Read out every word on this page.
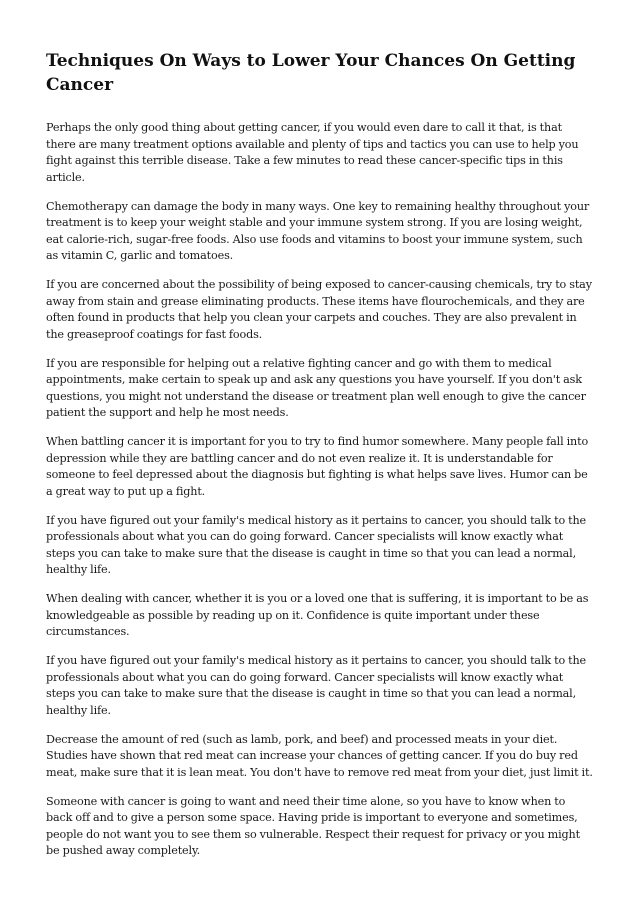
Techniques On Ways to Lower Your Chances On Getting Cancer

Perhaps the only good thing about getting cancer, if you would even dare to call it that, is that there are many treatment options available and plenty of tips and tactics you can use to help you fight against this terrible disease. Take a few minutes to read these cancer-specific tips in this article.

Chemotherapy can damage the body in many ways. One key to remaining healthy throughout your treatment is to keep your weight stable and your immune system strong. If you are losing weight, eat calorie-rich, sugar-free foods. Also use foods and vitamins to boost your immune system, such as vitamin C, garlic and tomatoes.

If you are concerned about the possibility of being exposed to cancer-causing chemicals, try to stay away from stain and grease eliminating products. These items have flourochemicals, and they are often found in products that help you clean your carpets and couches. They are also prevalent in the greaseproof coatings for fast foods.

If you are responsible for helping out a relative fighting cancer and go with them to medical appointments, make certain to speak up and ask any questions you have yourself. If you don't ask questions, you might not understand the disease or treatment plan well enough to give the cancer patient the support and help he most needs.

When battling cancer it is important for you to try to find humor somewhere. Many people fall into depression while they are battling cancer and do not even realize it. It is understandable for someone to feel depressed about the diagnosis but fighting is what helps save lives. Humor can be a great way to put up a fight.

If you have figured out your family's medical history as it pertains to cancer, you should talk to the professionals about what you can do going forward. Cancer specialists will know exactly what steps you can take to make sure that the disease is caught in time so that you can lead a normal, healthy life.

When dealing with cancer, whether it is you or a loved one that is suffering, it is important to be as knowledgeable as possible by reading up on it. Confidence is quite important under these circumstances.

If you have figured out your family's medical history as it pertains to cancer, you should talk to the professionals about what you can do going forward. Cancer specialists will know exactly what steps you can take to make sure that the disease is caught in time so that you can lead a normal, healthy life.

Decrease the amount of red (such as lamb, pork, and beef) and processed meats in your diet. Studies have shown that red meat can increase your chances of getting cancer. If you do buy red meat, make sure that it is lean meat. You don't have to remove red meat from your diet, just limit it.

Someone with cancer is going to want and need their time alone, so you have to know when to back off and to give a person some space. Having pride is important to everyone and sometimes, people do not want you to see them so vulnerable. Respect their request for privacy or you might be pushed away completely.
